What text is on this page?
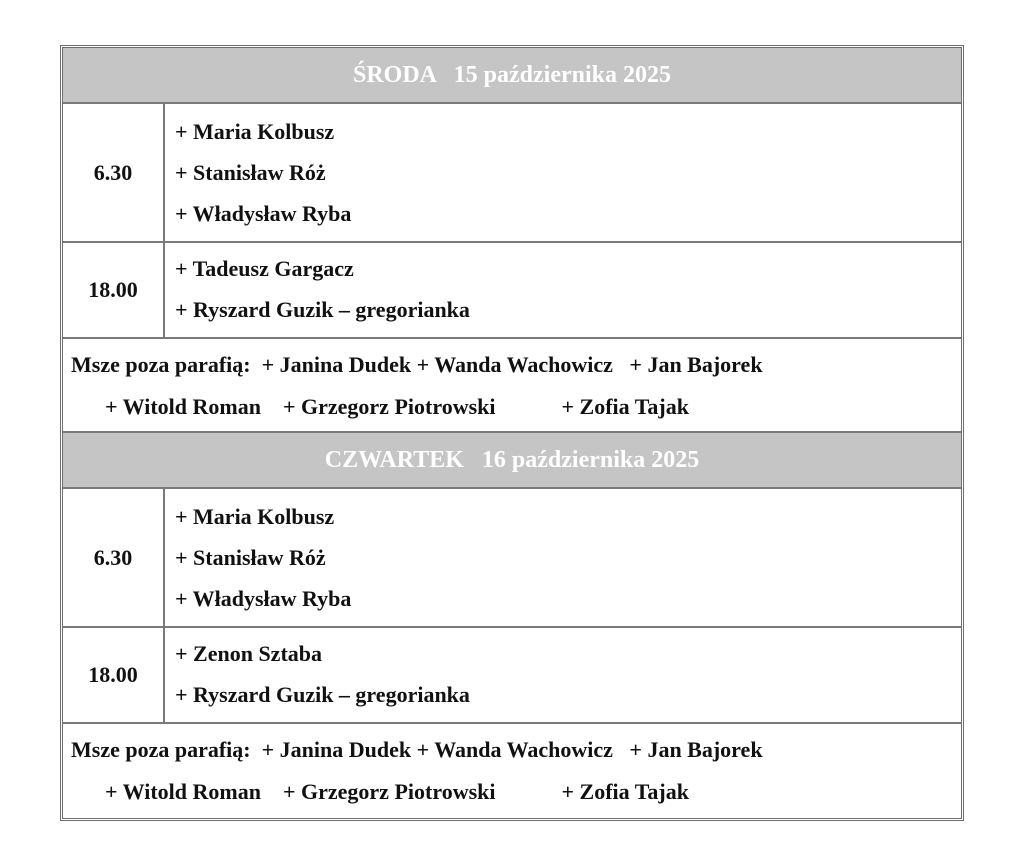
ŚRODA   15 października 2025
6.30
+ Maria Kolbusz
+ Stanisław Róż
+ Władysław Ryba
18.00
+ Tadeusz Gargacz
+ Ryszard Guzik – gregorianka
Msze poza parafią:  + Janina Dudek + Wanda Wachowicz   + Jan Bajorek
+ Witold Roman    + Grzegorz Piotrowski            + Zofia Tajak
CZWARTEK   16 października 2025
6.30
+ Maria Kolbusz
+ Stanisław Róż
+ Władysław Ryba
18.00
+ Zenon Sztaba
+ Ryszard Guzik – gregorianka
Msze poza parafią:  + Janina Dudek + Wanda Wachowicz   + Jan Bajorek
+ Witold Roman    + Grzegorz Piotrowski            + Zofia Tajak
